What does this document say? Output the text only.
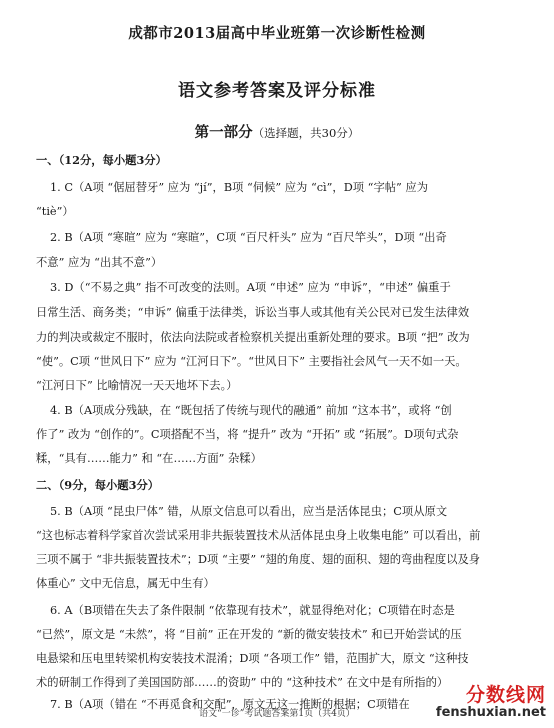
成都市2013届高中毕业班第一次诊断性检测
语文参考答案及评分标准
第一部分（选择题，共30分）
一、（12分，每小题3分）
1. C（A项 “倨屈替牙” 应为 “jí”，B项 “伺候” 应为 “cì”，D项 “字帖” 应为
“tiè”）
2. B（A项 “寒暄” 应为 “寒暄”，C项 “百尺杆头” 应为 “百尺竿头”，D项 “出奇
不意” 应为 “出其不意”）
3. D（“不易之典” 指不可改变的法则。A项 “申述” 应为 “申诉”，“申述” 偏重于
日常生活、商务类；“申诉” 偏重于法律类，诉讼当事人或其他有关公民对已发生法律效
力的判决或裁定不服时，依法向法院或者检察机关提出重新处理的要求。B项 “把” 改为
“使”。C项 “世风日下” 应为 “江河日下”。“世风日下” 主要指社会风气一天不如一天。
“江河日下” 比喻情况一天天地坏下去。）
4. B（A项成分残缺，在 “既包括了传统与现代的融通” 前加 “这本书”，或将 “创
作了” 改为 “创作的”。C项搭配不当，将 “提升” 改为 “开拓” 或 “拓展”。D项句式杂
糅，“具有……能力” 和 “在……方面” 杂糅）
二、（9分，每小题3分）
5. B（A项 “昆虫尸体” 错，从原文信息可以看出，应当是活体昆虫；C项从原文
“这也标志着科学家首次尝试采用非共振装置技术从活体昆虫身上收集电能” 可以看出，前
三项不属于 “非共振装置技术”；D项 “主要” “翅的角度、翅的面积、翅的弯曲程度以及身
体重心” 文中无信息，属无中生有）
6. A（B项错在失去了条件限制 “依靠现有技术”，就显得绝对化；C项错在时态是
“已然”，原文是 “未然”，将 “目前” 正在开发的 “新的微安装技术” 和已开始尝试的压
电悬梁和压电里转梁机构安装技术混淆；D项 “各项工作” 错，范围扩大，原文 “这种技
术的研制工作得到了美国国防部……的资助” 中的 “这种技术” 在文中是有所指的）
7. B（A项（错在 “不再觅食和交配”，原文无这一推断的根据；C项错在
语文“一诊”考试题答案第1页（共4页）
分数线网
fenshuxian.net
